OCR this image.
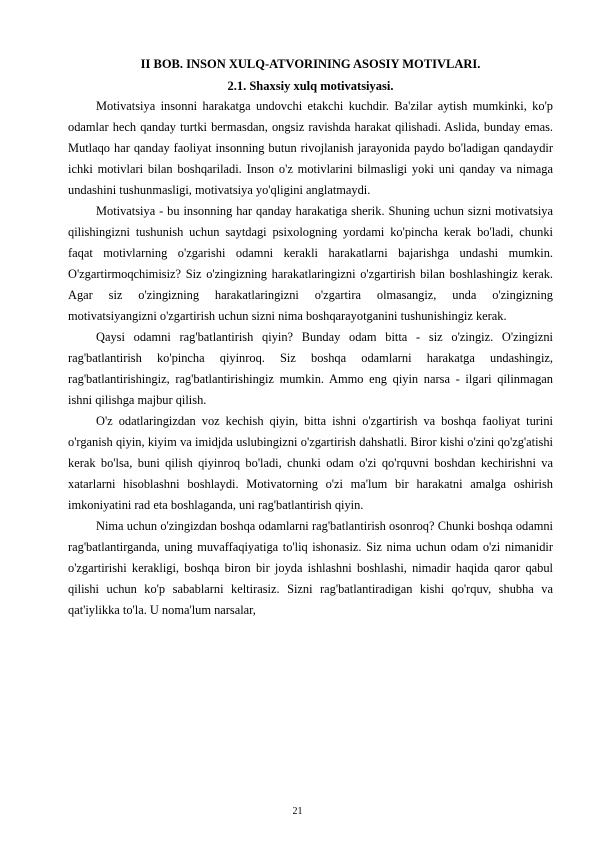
II BOB. INSON XULQ-ATVORINING ASOSIY MOTIVLARI.
2.1. Shaxsiy xulq motivatsiyasi.

Motivatsiya insonni harakatga undovchi etakchi kuchdir. Ba'zilar aytish mumkinki, ko'p odamlar hech qanday turtki bermasdan, ongsiz ravishda harakat qilishadi. Aslida, bunday emas. Mutlaqo har qanday faoliyat insonning butun rivojlanish jarayonida paydo bo'ladigan qandaydir ichki motivlari bilan boshqariladi. Inson o'z motivlarini bilmasligi yoki uni qanday va nimaga undashini tushunmasligi, motivatsiya yo'qligini anglatmaydi.

Motivatsiya - bu insonning har qanday harakatiga sherik. Shuning uchun sizni motivatsiya qilishingizni tushunish uchun saytdagi psixologning yordami ko'pincha kerak bo'ladi, chunki faqat motivlarning o'zgarishi odamni kerakli harakatlarni bajarishga undashi mumkin. O'zgartirmoqchimisiz? Siz o'zingizning harakatlaringizni o'zgartirish bilan boshlashingiz kerak. Agar siz o'zingizning harakatlaringizni o'zgartira olmasangiz, unda o'zingizning motivatsiyangizni o'zgartirish uchun sizni nima boshqarayotganini tushunishingiz kerak.

Qaysi odamni rag'batlantirish qiyin? Bunday odam bitta - siz o'zingiz. O'zingizni rag'batlantirish ko'pincha qiyinroq. Siz boshqa odamlarni harakatga undashingiz, rag'batlantirishingiz, rag'batlantirishingiz mumkin. Ammo eng qiyin narsa - ilgari qilinmagan ishni qilishga majbur qilish.

O'z odatlaringizdan voz kechish qiyin, bitta ishni o'zgartirish va boshqa faoliyat turini o'rganish qiyin, kiyim va imidjda uslubingizni o'zgartirish dahshatli. Biror kishi o'zini qo'zg'atishi kerak bo'lsa, buni qilish qiyinroq bo'ladi, chunki odam o'zi qo'rquvni boshdan kechirishni va xatarlarni hisoblashni boshlaydi. Motivatorning o'zi ma'lum bir harakatni amalga oshirish imkoniyatini rad eta boshlaganda, uni rag'batlantirish qiyin.

Nima uchun o'zingizdan boshqa odamlarni rag'batlantirish osonroq? Chunki boshqa odamni rag'batlantirganda, uning muvaffaqiyatiga to'liq ishonasiz. Siz nima uchun odam o'zi nimanidir o'zgartirishi kerakligi, boshqa biron bir joyda ishlashni boshlashi, nimadir haqida qaror qabul qilishi uchun ko'p sabablarni keltirasiz. Sizni rag'batlantiradigan kishi qo'rquv, shubha va qat'iylikka to'la. U noma'lum narsalar,

21
